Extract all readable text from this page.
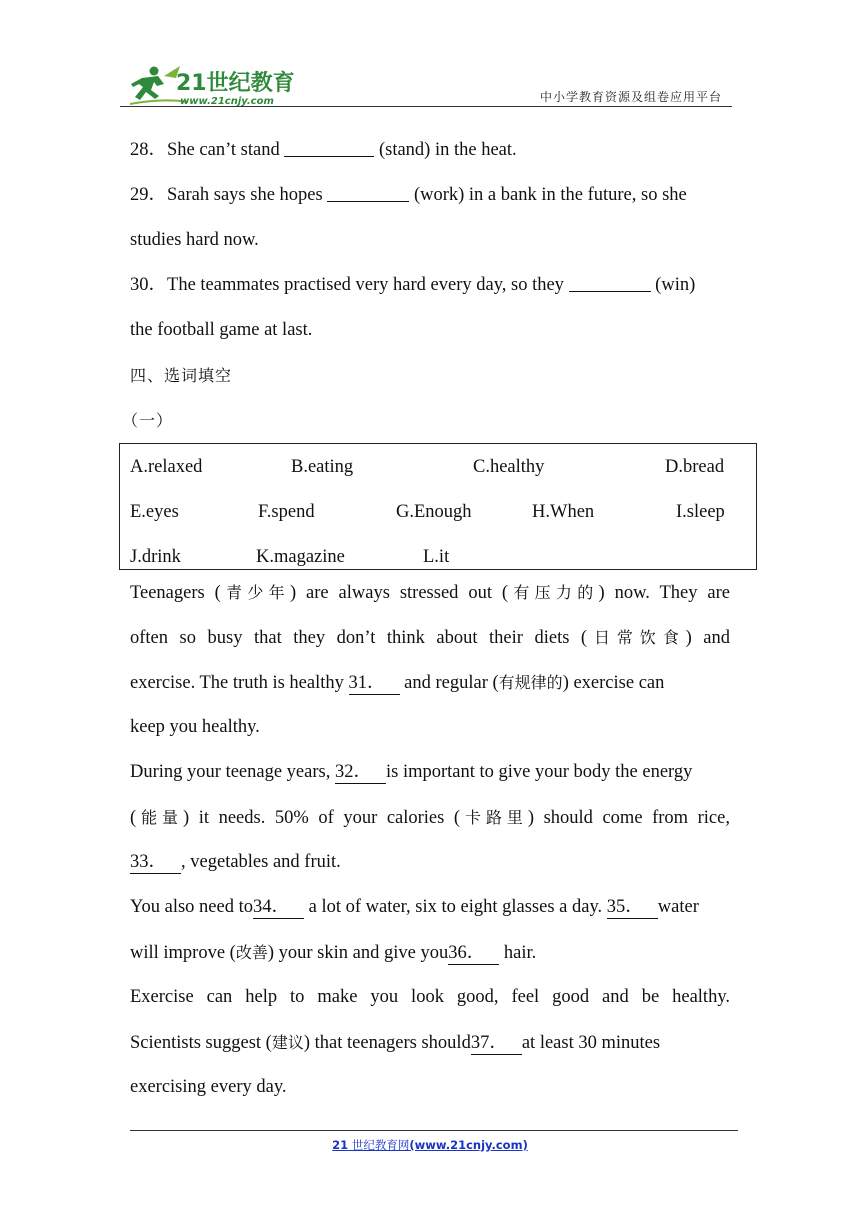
21世纪教育
www.21cnjy.com	中小学教育资源及组卷应用平台
28．She can’t stand	(stand) in the heat.
29．Sarah says she hopes	(work) in a bank in the future, so she
studies hard now.
30．The teammates practised very hard every day, so they	(win)
the football game at last.
四、选词填空
（一）
A.relaxed	B.eating	C.healthy	D.bread
E.eyes	F.spend	G.Enough	H.When	I.sleep
J.drink	K.magazine	L.it
Teenagers (青少年) are always stressed out (有压力的) now. They are
often so busy that they don’t think about their diets (日常饮食) and
exercise. The truth is healthy 31． and regular (有规律的) exercise can
keep you healthy.
During your teenage years, 32． is important to give your body the energy
(能量) it needs. 50% of your calories (卡路里) should come from rice,
33． , vegetables and fruit.
You also need to34． a lot of water, six to eight glasses a day. 35． water
will improve (改善) your skin and give you36． hair.
Exercise can help to make you look good, feel good and be healthy.
Scientists suggest (建议) that teenagers should37． at least 30 minutes
exercising every day.
21 世纪教育网(www.21cnjy.com)
